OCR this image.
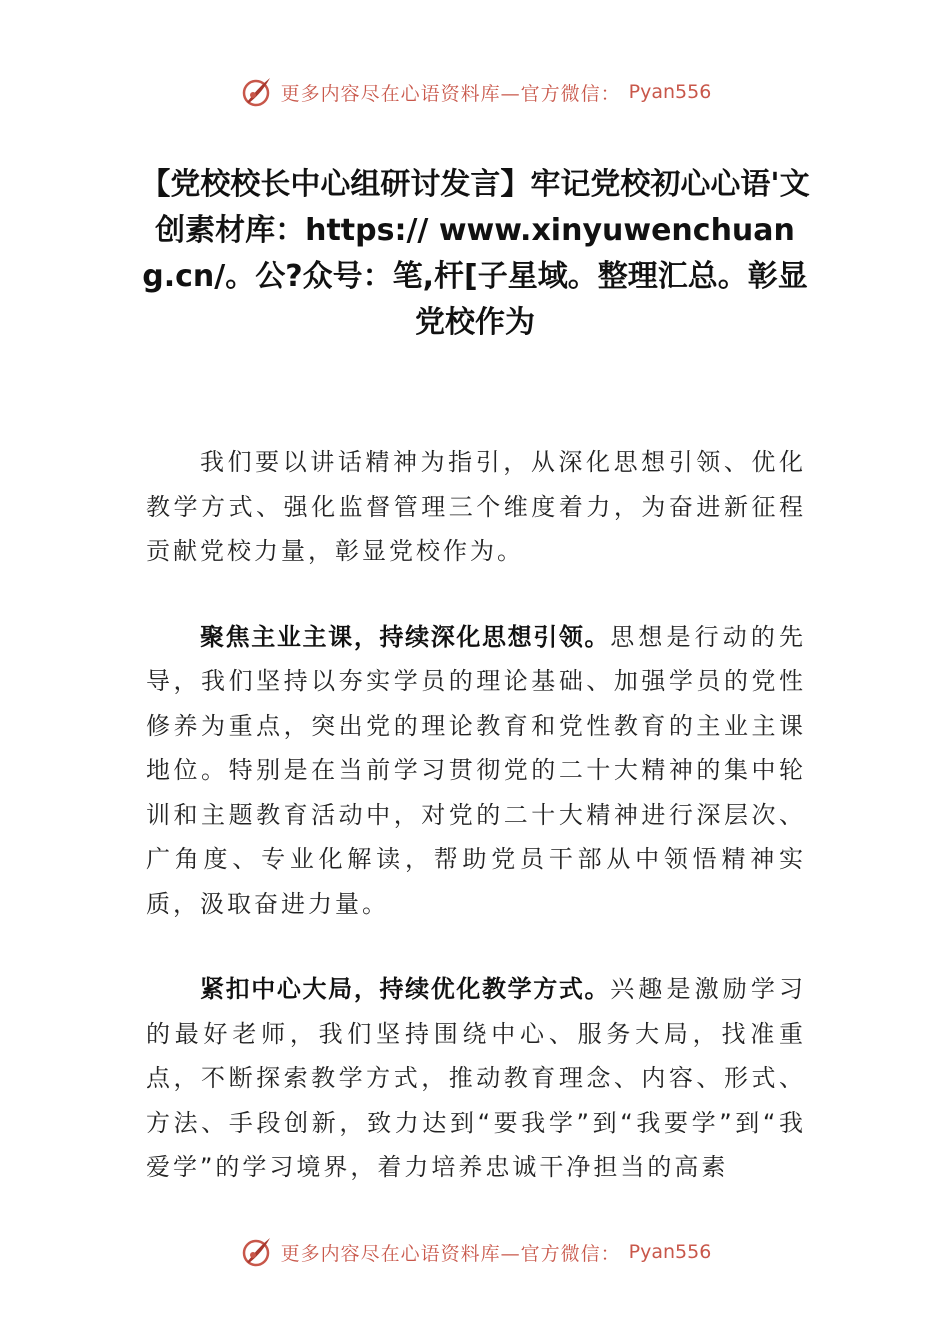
更多内容尽在心语资料库—官方微信： Pyan556
【党校校长中心组研讨发言】牢记党校初心心语'文创素材库：https:// www.xinyuwenchuang.cn/。公?众号：笔,杆[子星域。整理汇总。彰显党校作为

我们要以讲话精神为指引，从深化思想引领、优化教学方式、强化监督管理三个维度着力，为奋进新征程贡献党校力量，彰显党校作为。

聚焦主业主课，持续深化思想引领。思想是行动的先导，我们坚持以夯实学员的理论基础、加强学员的党性修养为重点，突出党的理论教育和党性教育的主业主课地位。特别是在当前学习贯彻党的二十大精神的集中轮训和主题教育活动中，对党的二十大精神进行深层次、广角度、专业化解读，帮助党员干部从中领悟精神实质，汲取奋进力量。

紧扣中心大局，持续优化教学方式。兴趣是激励学习的最好老师，我们坚持围绕中心、服务大局，找准重点，不断探索教学方式，推动教育理念、内容、形式、方法、手段创新，致力达到“要我学”到“我要学”到“我爱学”的学习境界，着力培养忠诚干净担当的高素

更多内容尽在心语资料库—官方微信： Pyan556
